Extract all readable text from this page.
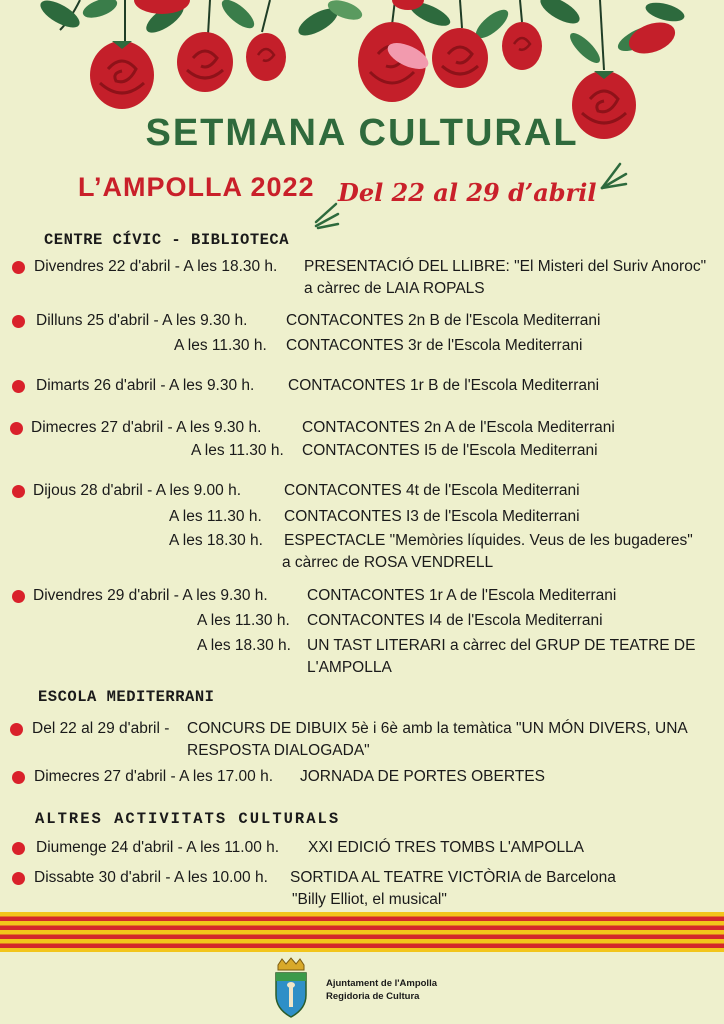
SETMANA CULTURAL
L’AMPOLLA 2022 Del 22 al 29 d’abril
CENTRE CÍVIC - BIBLIOTECA
Divendres 22 d'abril - A les 18.30 h. PRESENTACIÓ DEL LLIBRE: "El Misteri del Suriv Anoroc"
a càrrec de LAIA ROPALS
Dilluns 25 d'abril - A les 9.30 h. CONTACONTES 2n B de l'Escola Mediterrani
A les 11.30 h. CONTACONTES 3r de l'Escola Mediterrani
Dimarts 26 d'abril - A les 9.30 h. CONTACONTES 1r B de l'Escola Mediterrani
Dimecres 27 d'abril - A les 9.30 h.	CONTACONTES 2n A de l'Escola Mediterrani
A les 11.30 h. CONTACONTES I5 de l'Escola Mediterrani
Dijous 28 d'abril - A les 9.00 h.	CONTACONTES 4t de l'Escola Mediterrani
A les 11.30 h. CONTACONTES I3 de l'Escola Mediterrani
A les 18.30 h. ESPECTACLE "Memòries líquides. Veus de les bugaderes"
a càrrec de ROSA VENDRELL
Divendres 29 d'abril - A les 9.30 h.	CONTACONTES 1r A de l'Escola Mediterrani
A les 11.30 h. CONTACONTES I4 de l'Escola Mediterrani
A les 18.30 h. UN TAST LITERARI a càrrec del GRUP DE TEATRE DE
L'AMPOLLA
ESCOLA MEDITERRANI
Del 22 al 29 d'abril - CONCURS DE DIBUIX 5è i 6è amb la temàtica "UN MÓN DIVERS, UNA
RESPOSTA DIALOGADA"
Dimecres 27 d'abril - A les 17.00 h. JORNADA DE PORTES OBERTES
ALTRES ACTIVITATS CULTURALS
Diumenge 24 d'abril - A les 11.00 h. XXI EDICIÓ TRES TOMBS L'AMPOLLA
Dissabte 30 d'abril - A les 10.00 h. SORTIDA AL TEATRE VICTÒRIA de Barcelona
"Billy Elliot, el musical"
Ajuntament de l'Ampolla
Regidoria de Cultura
